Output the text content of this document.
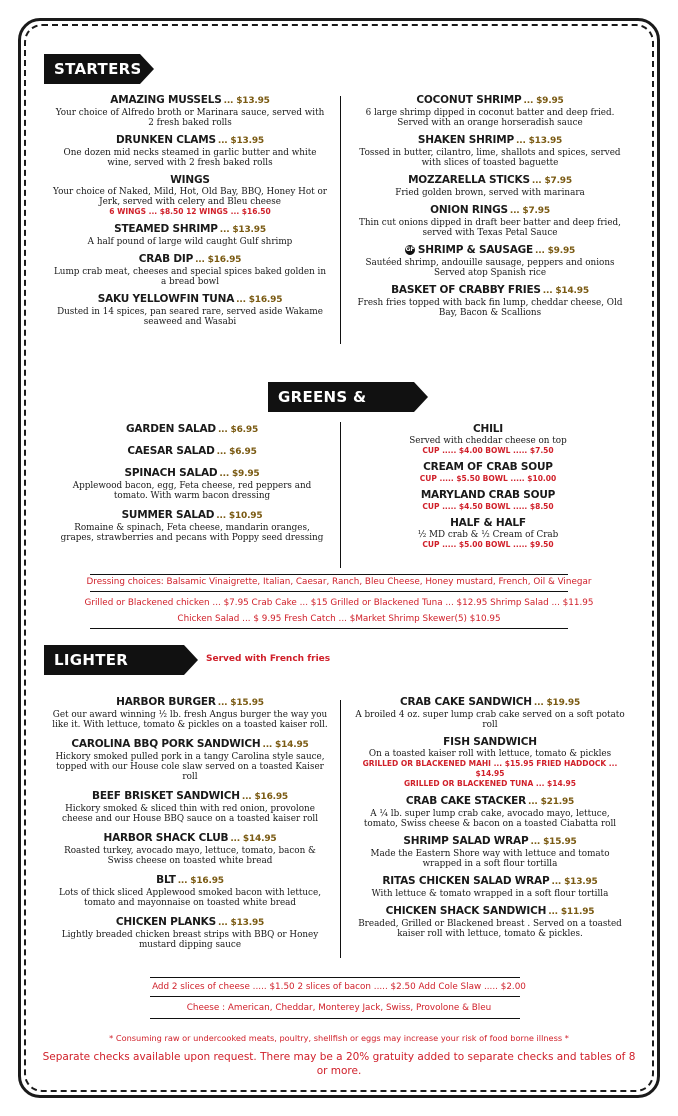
STARTERS
AMAZING MUSSELS ... $13.95
Your choice of Alfredo broth or Marinara sauce, served with 2 fresh baked rolls
DRUNKEN CLAMS ... $13.95
One dozen mid necks steamed in garlic butter and white wine, served with 2 fresh baked rolls
WINGS
Your choice of Naked, Mild, Hot, Old Bay, BBQ, Honey Hot or Jerk, served with celery and Bleu cheese
6 WINGS ... $8.50 12 WINGS ... $16.50
STEAMED SHRIMP ... $13.95
A half pound of large wild caught Gulf shrimp
CRAB DIP ... $16.95
Lump crab meat, cheeses and special spices baked golden in a bread bowl
SAKU YELLOWFIN TUNA ... $16.95
Dusted in 14 spices, pan seared rare, served aside Wakame seaweed and Wasabi
COCONUT SHRIMP ... $9.95
6 large shrimp dipped in coconut batter and deep fried. Served with an orange horseradish sauce
SHAKEN SHRIMP ... $13.95
Tossed in butter, cilantro, lime, shallots and spices, served with slices of toasted baguette
MOZZARELLA STICKS ... $7.95
Fried golden brown, served with marinara
ONION RINGS ... $7.95
Thin cut onions dipped in draft beer batter and deep fried, served with Texas Petal Sauce
GF SHRIMP & SAUSAGE ... $9.95
Sautéed shrimp, andouille sausage, peppers and onions Served atop Spanish rice
BASKET OF CRABBY FRIES ... $14.95
Fresh fries topped with back fin lump, cheddar cheese, Old Bay, Bacon & Scallions
GREENS & SOUPS
GARDEN SALAD ... $6.95
CAESAR SALAD ... $6.95
SPINACH SALAD ... $9.95
Applewood bacon, egg, Feta cheese, red peppers and tomato. With warm bacon dressing
SUMMER SALAD ... $10.95
Romaine & spinach, Feta cheese, mandarin oranges, grapes, strawberries and pecans with Poppy seed dressing
CHILI
Served with cheddar cheese on top
CUP ..... $4.00 BOWL ..... $7.50
CREAM OF CRAB SOUP
CUP ..... $5.50 BOWL ..... $10.00
MARYLAND CRAB SOUP
CUP ..... $4.50 BOWL ..... $8.50
HALF & HALF
½ MD crab & ½ Cream of Crab
CUP ..... $5.00 BOWL ..... $9.50
Dressing choices: Balsamic Vinaigrette, Italian, Caesar, Ranch, Bleu Cheese, Honey mustard, French, Oil & Vinegar
Grilled or Blackened chicken ... $7.95 Crab Cake ... $15 Grilled or Blackened Tuna ... $12.95 Shrimp Salad ... $11.95
Chicken Salad ... $ 9.95 Fresh Catch ... $Market Shrimp Skewer(5) $10.95
LIGHTER THINGS
Served with French fries
HARBOR BURGER ... $15.95
Get our award winning ½ lb. fresh Angus burger the way you like it. With lettuce, tomato & pickles on a toasted kaiser roll.
CAROLINA BBQ PORK SANDWICH ... $14.95
Hickory smoked pulled pork in a tangy Carolina style sauce, topped with our House cole slaw served on a toasted Kaiser roll
BEEF BRISKET SANDWICH ... $16.95
Hickory smoked & sliced thin with red onion, provolone cheese and our House BBQ sauce on a toasted kaiser roll
HARBOR SHACK CLUB ... $14.95
Roasted turkey, avocado mayo, lettuce, tomato, bacon & Swiss cheese on toasted white bread
BLT ... $16.95
Lots of thick sliced Applewood smoked bacon with lettuce, tomato and mayonnaise on toasted white bread
CHICKEN PLANKS ... $13.95
Lightly breaded chicken breast strips with BBQ or Honey mustard dipping sauce
CRAB CAKE SANDWICH ... $19.95
A broiled 4 oz. super lump crab cake served on a soft potato roll
FISH SANDWICH
On a toasted kaiser roll with lettuce, tomato & pickles
GRILLED OR BLACKENED MAHI ... $15.95 FRIED HADDOCK ... $14.95
GRILLED OR BLACKENED TUNA ... $14.95
CRAB CAKE STACKER ... $21.95
A ¼ lb. super lump crab cake, avocado mayo, lettuce, tomato, Swiss cheese & bacon on a toasted Ciabatta roll
SHRIMP SALAD WRAP ... $15.95
Made the Eastern Shore way with lettuce and tomato wrapped in a soft flour tortilla
RITAS CHICKEN SALAD WRAP ... $13.95
With lettuce & tomato wrapped in a soft flour tortilla
CHICKEN SHACK SANDWICH ... $11.95
Breaded, Grilled or Blackened breast . Served on a toasted kaiser roll with lettuce, tomato & pickles.
Add 2 slices of cheese ..... $1.50 2 slices of bacon ..... $2.50 Add Cole Slaw ..... $2.00
Cheese : American, Cheddar, Monterey Jack, Swiss, Provolone & Bleu
* Consuming raw or undercooked meats, poultry, shellfish or eggs may increase your risk of food borne illness *
Separate checks available upon request. There may be a 20% gratuity added to separate checks and tables of 8 or more.
